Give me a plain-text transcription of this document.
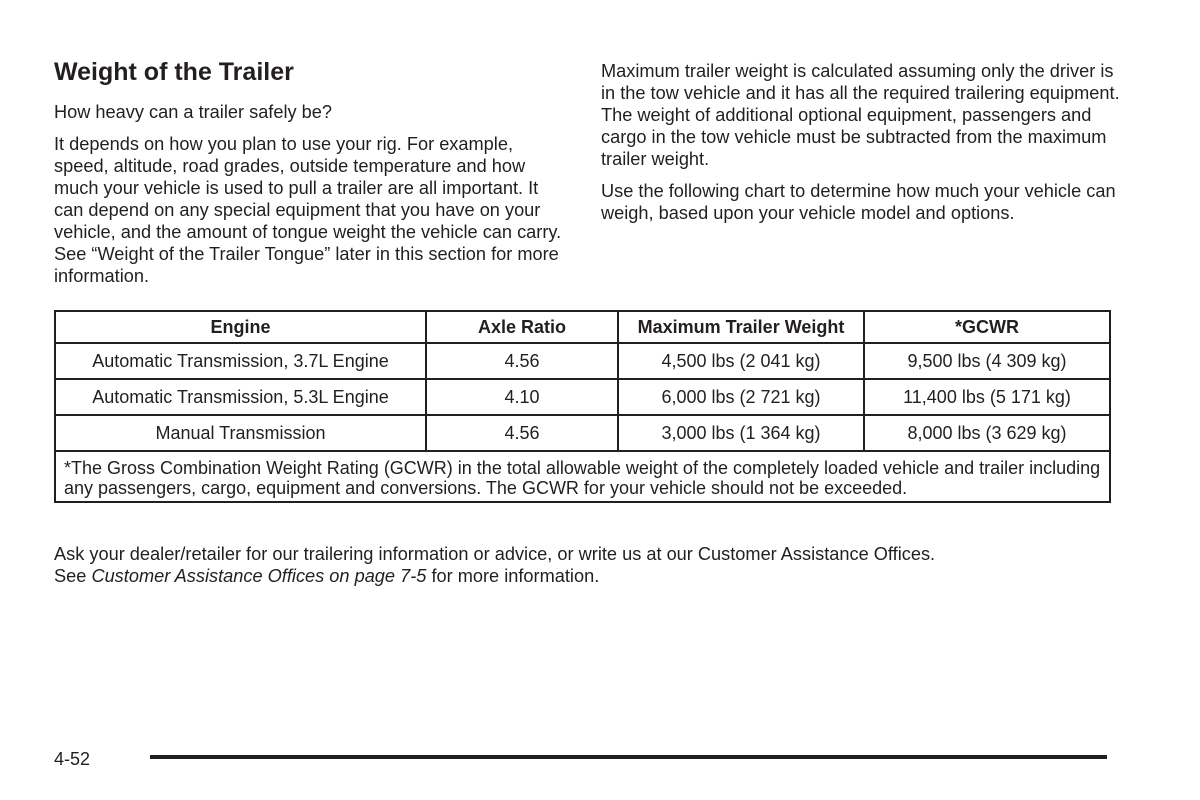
Weight of the Trailer

How heavy can a trailer safely be?

It depends on how you plan to use your rig. For example, speed, altitude, road grades, outside temperature and how much your vehicle is used to pull a trailer are all important. It can depend on any special equipment that you have on your vehicle, and the amount of tongue weight the vehicle can carry. See “Weight of the Trailer Tongue” later in this section for more information.

Maximum trailer weight is calculated assuming only the driver is in the tow vehicle and it has all the required trailering equipment. The weight of additional optional equipment, passengers and cargo in the tow vehicle must be subtracted from the maximum trailer weight.

Use the following chart to determine how much your vehicle can weigh, based upon your vehicle model and options.

Engine	Axle Ratio	Maximum Trailer Weight	*GCWR
Automatic Transmission, 3.7L Engine	4.56	4,500 lbs (2 041 kg)	9,500 lbs (4 309 kg)
Automatic Transmission, 5.3L Engine	4.10	6,000 lbs (2 721 kg)	11,400 lbs (5 171 kg)
Manual Transmission	4.56	3,000 lbs (1 364 kg)	8,000 lbs (3 629 kg)
*The Gross Combination Weight Rating (GCWR) in the total allowable weight of the completely loaded vehicle and trailer including any passengers, cargo, equipment and conversions. The GCWR for your vehicle should not be exceeded.			

Ask your dealer/retailer for our trailering information or advice, or write us at our Customer Assistance Offices.

See Customer Assistance Offices on page 7-5 for more information.

4-52
